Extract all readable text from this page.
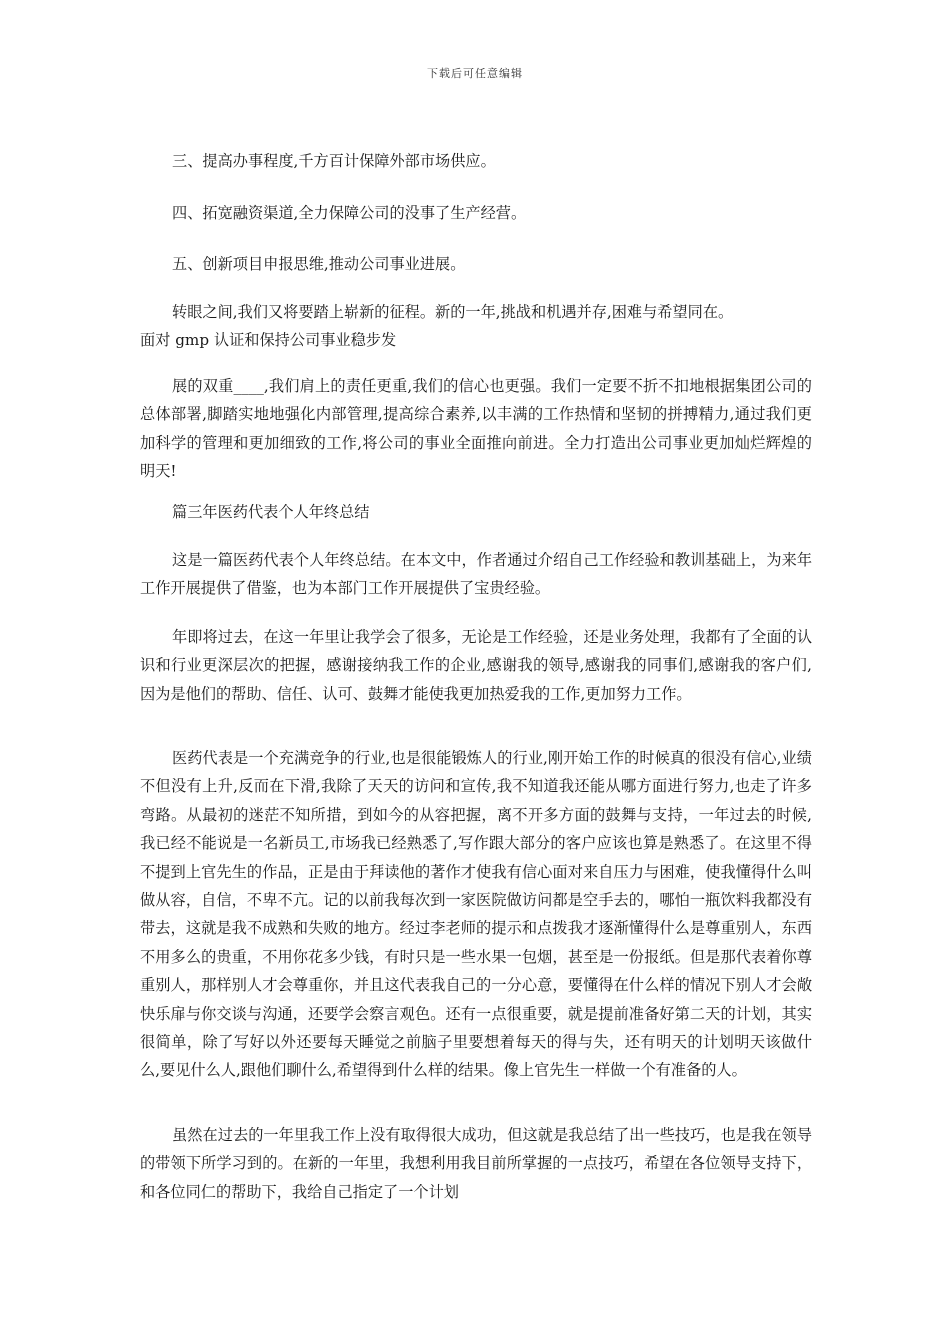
下载后可任意编辑

三、提高办事程度,千方百计保障外部市场供应。

四、拓宽融资渠道,全力保障公司的没事了生产经营。

五、创新项目申报思维,推动公司事业进展。

转眼之间,我们又将要踏上崭新的征程。新的一年,挑战和机遇并存,困难与希望同在。

面对 gmp 认证和保持公司事业稳步发

展的双重____,我们肩上的责任更重,我们的信心也更强。我们一定要不折不扣地根据集团公司的总体部署,脚踏实地地强化内部管理,提高综合素养,以丰满的工作热情和坚韧的拼搏精力,通过我们更加科学的管理和更加细致的工作,将公司的事业全面推向前进。全力打造出公司事业更加灿烂辉煌的明天!

篇三年医药代表个人年终总结

这是一篇医药代表个人年终总结。在本文中，作者通过介绍自己工作经验和教训基础上，为来年工作开展提供了借鉴，也为本部门工作开展提供了宝贵经验。

年即将过去，在这一年里让我学会了很多，无论是工作经验，还是业务处理，我都有了全面的认识和行业更深层次的把握，感谢接纳我工作的企业,感谢我的领导,感谢我的同事们,感谢我的客户们,因为是他们的帮助、信任、认可、鼓舞才能使我更加热爱我的工作,更加努力工作。

医药代表是一个充满竞争的行业,也是很能锻炼人的行业,刚开始工作的时候真的很没有信心,业绩不但没有上升,反而在下滑,我除了天天的访问和宣传,我不知道我还能从哪方面进行努力,也走了许多弯路。从最初的迷茫不知所措，到如今的从容把握，离不开多方面的鼓舞与支持，一年过去的时候,我已经不能说是一名新员工,市场我已经熟悉了,写作跟大部分的客户应该也算是熟悉了。在这里不得不提到上官先生的作品，正是由于拜读他的著作才使我有信心面对来自压力与困难，使我懂得什么叫做从容，自信，不卑不亢。记的以前我每次到一家医院做访问都是空手去的，哪怕一瓶饮料我都没有带去，这就是我不成熟和失败的地方。经过李老师的提示和点拨我才逐渐懂得什么是尊重别人，东西不用多么的贵重，不用你花多少钱，有时只是一些水果一包烟，甚至是一份报纸。但是那代表着你尊重别人，那样别人才会尊重你，并且这代表我自己的一分心意，要懂得在什么样的情况下别人才会敞快乐扉与你交谈与沟通，还要学会察言观色。还有一点很重要，就是提前准备好第二天的计划，其实很简单，除了写好以外还要每天睡觉之前脑子里要想着每天的得与失，还有明天的计划明天该做什么,要见什么人,跟他们聊什么,希望得到什么样的结果。像上官先生一样做一个有准备的人。

虽然在过去的一年里我工作上没有取得很大成功，但这就是我总结了出一些技巧，也是我在领导的带领下所学习到的。在新的一年里，我想利用我目前所掌握的一点技巧，希望在各位领导支持下，和各位同仁的帮助下，我给自己指定了一个计划
